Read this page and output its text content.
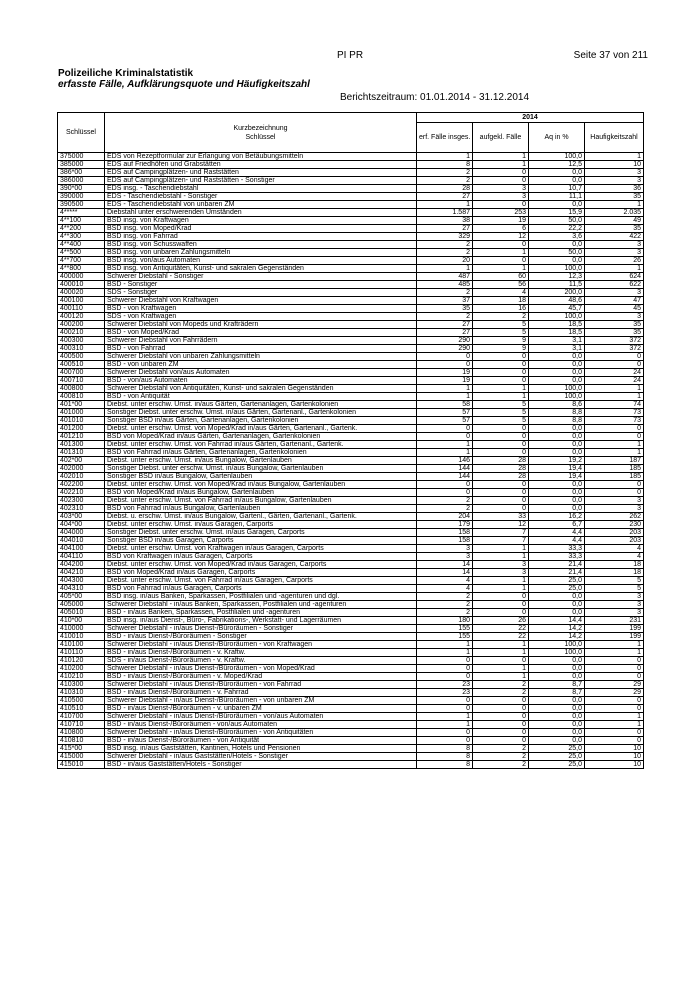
PI PR	Seite 37 von 211
Polizeiliche Kriminalstatistik
erfasste Fälle, Aufklärungsquote und Häufigkeitszahl
Berichtszeitraum: 01.01.2014 - 31.12.2014
Schlüssel	Kurzbezeichnung
Schlüssel	2014			
		erf. Fälle insges.	aufgekl. Fälle	Aq in %	Haufigkeitszahl
375000	EDS von Rezeptformular zur Erlangung von Betäubungsmitteln	1	1	100,0	1
385000	EDS auf Friedhöfen und Grabstätten	8	1	12,5	10
386*00	EDS auf Campingplätzen- und Raststätten	2	0	0,0	3
386000	EDS auf Campingplätzen- und Raststätten - Sonstiger	2	0	0,0	3
390*00	EDS insg. - Taschendiebstahl	28	3	10,7	36
390000	EDS - Taschendiebstahl - Sonstiger	27	3	11,1	35
390500	EDS - Taschendiebstahl von unbaren ZM	1	0	0,0	1
4*****	Diebstahl unter erschwerenden Umständen	1.587	253	15,9	2.035
4**100	BSD insg. von Kraftwagen	38	19	50,0	49
4**200	BSD insg. von Moped/Krad	27	6	22,2	35
4**300	BSD insg. von Fahrrad	329	12	3,6	422
4**400	BSD insg. von Schusswaffen	2	0	0,0	3
4**500	BSD insg. von unbaren Zahlungsmitteln	2	1	50,0	3
4**700	BSD insg. von/aus Automaten	20	0	0,0	26
4**800	BSD insg. von Antiquitäten, Kunst- und sakralen Gegenständen	1	1	100,0	1
400000	Schwerer Diebstahl - Sonstiger	487	60	12,3	624
400010	BSD - Sonstiger	485	56	11,5	622
400020	SDS - Sonstiger	2	4	200,0	3
400100	Schwerer Diebstahl von Kraftwagen	37	18	48,6	47
400110	BSD - von Kraftwagen	35	16	45,7	45
400120	SDS - von Kraftwagen	2	2	100,0	3
400200	Schwerer Diebstahl von Mopeds und Krafträdern	27	5	18,5	35
400210	BSD - von Moped/Krad	27	5	18,5	35
400300	Schwerer Diebstahl von Fahrrädern	290	9	3,1	372
400310	BSD - von Fahrrad	290	9	3,1	372
400500	Schwerer Diebstahl von unbaren Zahlungsmitteln	0	0	0,0	0
400510	BSD - von unbaren ZM	0	0	0,0	0
400700	Schwerer Diebstahl von/aus Automaten	19	0	0,0	24
400710	BSD - von/aus Automaten	19	0	0,0	24
400800	Schwerer Diebstahl von Antiquitäten, Kunst- und sakralen Gegenständen	1	1	100,0	1
400810	BSD - von Antiquität	1	1	100,0	1
401*00	Diebst. unter erschw. Umst. in/aus Gärten, Gartenanlagen, Gartenkolonien	58	5	8,6	74
401000	Sonstiger Diebst. unter erschw. Umst. in/aus Gärten, Gartenanl., Gartenkolonien	57	5	8,8	73
401010	Sonstiger BSD in/aus Gärten, Gartenanlagen, Gartenkolonien	57	5	8,8	73
401200	Diebst. unter erschw. Umst. von Moped/Krad in/aus Gärten, Gartenanl., Gartenk.	0	0	0,0	0
401210	BSD von Moped/Krad in/aus Gärten, Gartenanlagen, Gartenkolonien	0	0	0,0	0
401300	Diebst. unter erschw. Umst. von Fahrrad in/aus Gärten, Gartenanl., Gartenk.	1	0	0,0	1
401310	BSD von Fahrrad in/aus Gärten, Gartenanlagen, Gartenkolonien	1	0	0,0	1
402*00	Diebst. unter erschw. Umst. in/aus Bungalow, Gartenlauben	146	28	19,2	187
402000	Sonstiger Diebst. unter erschw. Umst. in/aus Bungalow, Gartenlauben	144	28	19,4	185
402010	Sonstiger BSD in/aus Bungalow, Gartenlauben	144	28	19,4	185
402200	Diebst. unter erschw. Umst. von Moped/Krad in/aus Bungalow, Gartenlauben	0	0	0,0	0
402210	BSD von Moped/Krad in/aus Bungalow, Gartenlauben	0	0	0,0	0
402300	Diebst. unter erschw. Umst. von Fahrrad in/aus Bungalow, Gartenlauben	2	0	0,0	3
402310	BSD von Fahrrad in/aus Bungalow, Gartenlauben	2	0	0,0	3
403*00	Diebst. u. erschw. Umst. in/aus Bungalow, Gartenl., Gärten, Gartenanl., Gartenk.	204	33	16,2	262
404*00	Diebst. unter erschw. Umst. in/aus Garagen, Carports	179	12	6,7	230
404000	Sonstiger Diebst. unter erschw. Umst. in/aus Garagen, Carports	158	7	4,4	203
404010	Sonstiger BSD in/aus Garagen, Carports	158	7	4,4	203
404100	Diebst. unter erschw. Umst. von Kraftwagen in/aus Garagen, Carports	3	1	33,3	4
404110	BSD von Kraftwagen in/aus Garagen, Carports	3	1	33,3	4
404200	Diebst. unter erschw. Umst. von Moped/Krad in/aus Garagen, Carports	14	3	21,4	18
404210	BSD von Moped/Krad in/aus Garagen, Carports	14	3	21,4	18
404300	Diebst. unter erschw. Umst. von Fahrrad in/aus Garagen, Carports	4	1	25,0	5
404310	BSD von Fahrrad in/aus Garagen, Carports	4	1	25,0	5
405*00	BSD insg. in/aus Banken, Sparkassen, Postfilialen und -agenturen und dgl.	2	0	0,0	3
405000	Schwerer Diebstahl - in/aus Banken, Sparkassen, Postfilialen und -agenturen	2	0	0,0	3
405010	BSD - in/aus Banken, Sparkassen, Postfilialen und -agenturen	2	0	0,0	3
410*00	BSD insg. in/aus Dienst-, Büro-, Fabrikations-, Werkstatt- und Lagerräumen	180	26	14,4	231
410000	Schwerer Diebstahl - in/aus Dienst-/Büroräumen - Sonstiger	155	22	14,2	199
410010	BSD - in/aus Dienst-/Büroräumen - Sonstiger	155	22	14,2	199
410100	Schwerer Diebstahl - in/aus Dienst-/Büroräumen - von Kraftwagen	1	1	100,0	1
410110	BSD - in/aus Dienst-/Büroräumen - v. Kraftw.	1	1	100,0	1
410120	SDS - in/aus Dienst-/Büroräumen - v. Kraftw.	0	0	0,0	0
410200	Schwerer Diebstahl - in/aus Dienst-/Büroräumen - von Moped/Krad	0	1	0,0	0
410210	BSD - in/aus Dienst-/Büroräumen - v. Moped/Krad	0	1	0,0	0
410300	Schwerer Diebstahl - in/aus Dienst-/Büroräumen - von Fahrrad	23	2	8,7	29
410310	BSD - in/aus Dienst-/Büroräumen - v. Fahrrad	23	2	8,7	29
410500	Schwerer Diebstahl - in/aus Dienst-/Büroräumen - von unbaren ZM	0	0	0,0	0
410510	BSD - in/aus Dienst-/Büroräumen - v. unbaren ZM	0	0	0,0	0
410700	Schwerer Diebstahl - in/aus Dienst-/Büroräumen - von/aus Automaten	1	0	0,0	1
410710	BSD - in/aus Dienst-/Büroräumen - von/aus Automaten	1	0	0,0	1
410800	Schwerer Diebstahl - in/aus Dienst-/Büroräumen - von Antiquitäten	0	0	0,0	0
410810	BSD - in/aus Dienst-/Büroräumen - von Antiquität	0	0	0,0	0
415*00	BSD insg. in/aus Gaststätten, Kantinen, Hotels und Pensionen	8	2	25,0	10
415000	Schwerer Diebstahl - in/aus Gaststätten/Hotels - Sonstiger	8	2	25,0	10
415010	BSD - in/aus Gaststätten/Hotels - Sonstiger	8	2	25,0	10
